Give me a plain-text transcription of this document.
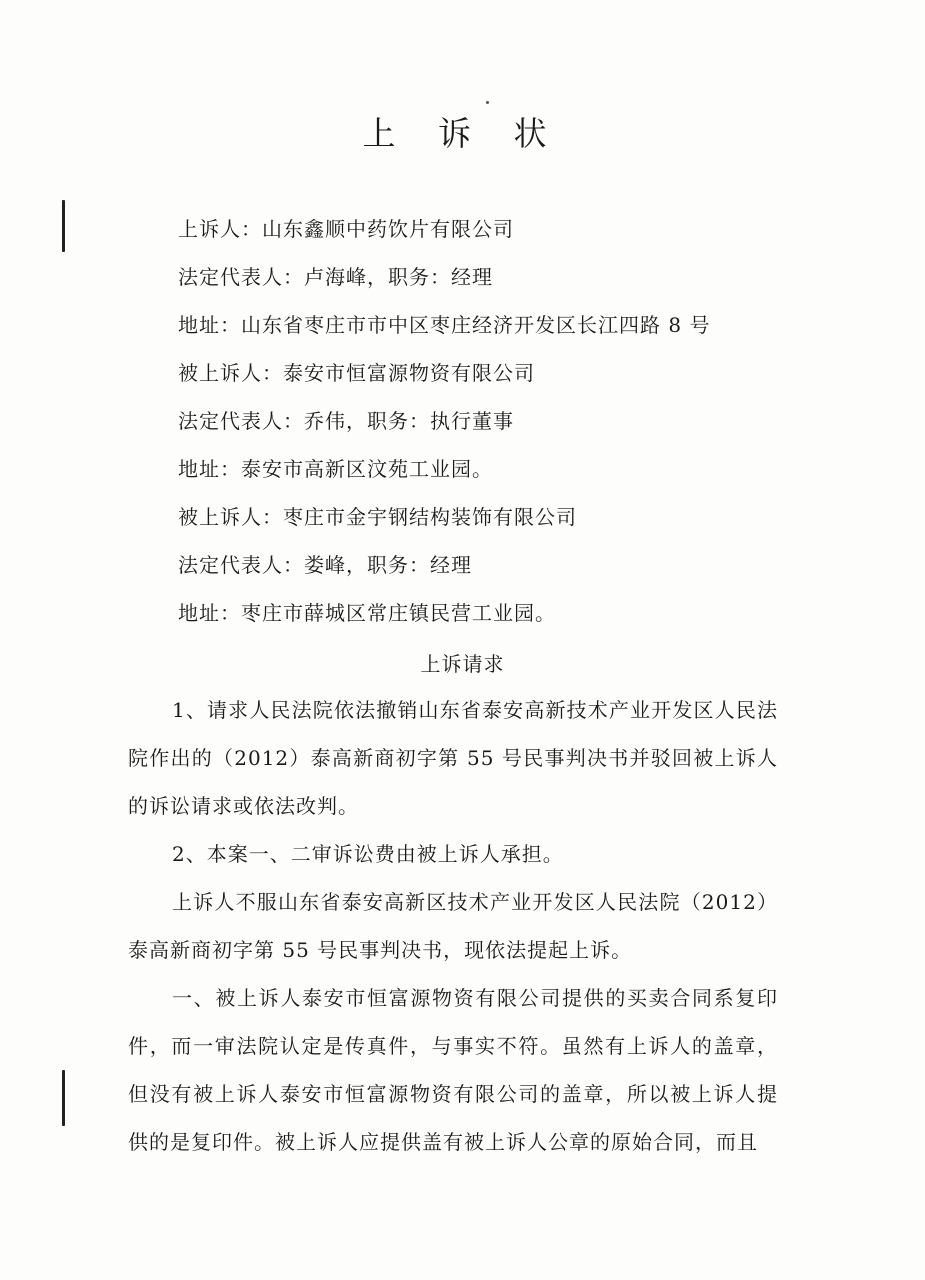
上 诉 状
上诉人：山东鑫顺中药饮片有限公司
法定代表人：卢海峰，职务：经理
地址：山东省枣庄市市中区枣庄经济开发区长江四路 8 号
被上诉人：泰安市恒富源物资有限公司
法定代表人：乔伟，职务：执行董事
地址：泰安市高新区汶苑工业园。
被上诉人：枣庄市金宇钢结构装饰有限公司
法定代表人：娄峰，职务：经理
地址：枣庄市薛城区常庄镇民营工业园。
上诉请求
1、请求人民法院依法撤销山东省泰安高新技术产业开发区人民法院作出的（2012）泰高新商初字第 55 号民事判决书并驳回被上诉人的诉讼请求或依法改判。
2、本案一、二审诉讼费由被上诉人承担。
上诉人不服山东省泰安高新区技术产业开发区人民法院（2012）泰高新商初字第 55 号民事判决书，现依法提起上诉。
一、被上诉人泰安市恒富源物资有限公司提供的买卖合同系复印件，而一审法院认定是传真件，与事实不符。虽然有上诉人的盖章，但没有被上诉人泰安市恒富源物资有限公司的盖章，所以被上诉人提供的是复印件。被上诉人应提供盖有被上诉人公章的原始合同，而且
